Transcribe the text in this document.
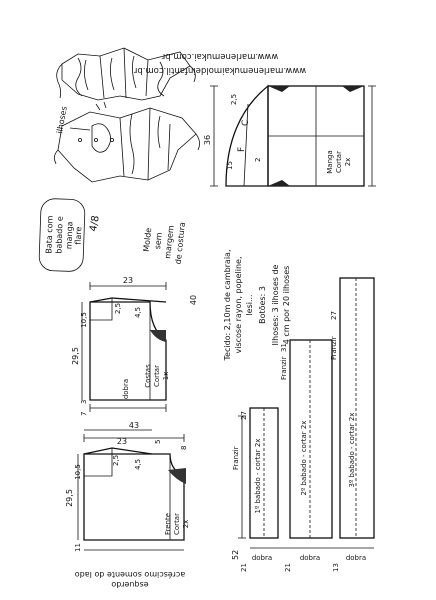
www.marlenemukaimoldeinfantil.com.br
www.marlenemukai.com.br
ilhoses
Bata com babado e manga flare
4/8
Molde sem margem
de costura
36
2,5
15
2
F
C
Manga Cortar 2x
Tecido: 2,10m de cambraia, viscose rayon, popeline, lesi... Botões: 3 Ilhoses: 3 ilhoses de 4 cm por 20 ilhoses
23
40
29,5
10,5
2,5 4,5
3
7
dobra
Costas Cortar 1x
43
23
29,5
10,5
2,5 4,5
5
8
11
Frente Cortar 2x
acréscimo somente do lado
esquerdo
1º babado - cortar 2x
27
2º babado - cortar 2x
Franzir
31
3º babado - cortar 2x
Franzir
27
Franzir
52 dobra	dobra	dobra
21	21	13
